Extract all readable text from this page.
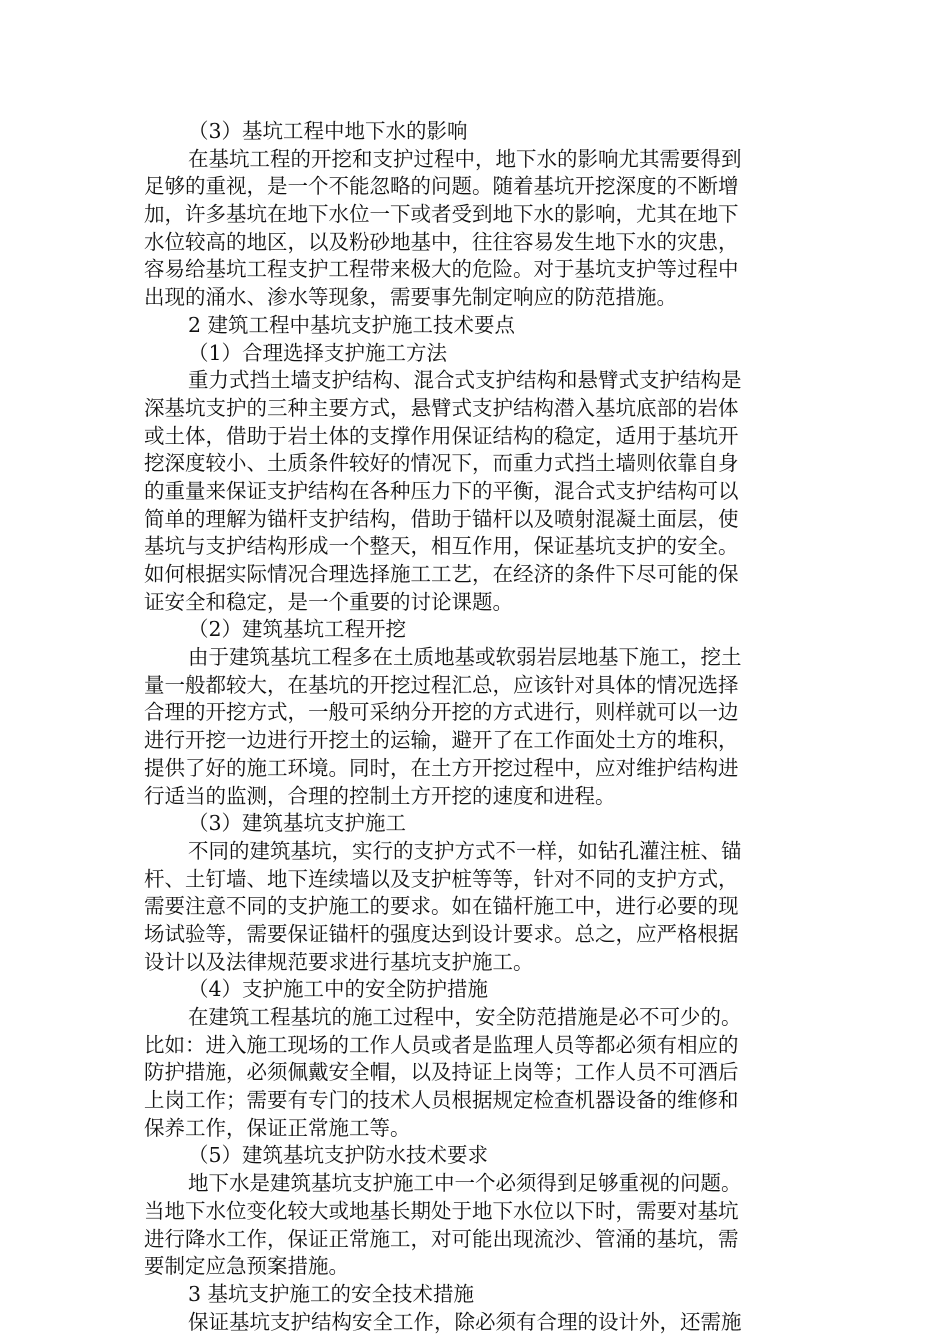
（3）基坑工程中地下水的影响
在基坑工程的开挖和支护过程中，地下水的影响尤其需要得到
足够的重视，是一个不能忽略的问题。随着基坑开挖深度的不断增
加，许多基坑在地下水位一下或者受到地下水的影响，尤其在地下
水位较高的地区，以及粉砂地基中，往往容易发生地下水的灾患，
容易给基坑工程支护工程带来极大的危险。对于基坑支护等过程中
出现的涌水、渗水等现象，需要事先制定响应的防范措施。
2 建筑工程中基坑支护施工技术要点
（1）合理选择支护施工方法
重力式挡土墙支护结构、混合式支护结构和悬臂式支护结构是
深基坑支护的三种主要方式，悬臂式支护结构潜入基坑底部的岩体
或土体，借助于岩土体的支撑作用保证结构的稳定，适用于基坑开
挖深度较小、土质条件较好的情况下，而重力式挡土墙则依靠自身
的重量来保证支护结构在各种压力下的平衡，混合式支护结构可以
简单的理解为锚杆支护结构，借助于锚杆以及喷射混凝土面层，使
基坑与支护结构形成一个整天，相互作用，保证基坑支护的安全。
如何根据实际情况合理选择施工工艺，在经济的条件下尽可能的保
证安全和稳定，是一个重要的讨论课题。
（2）建筑基坑工程开挖
由于建筑基坑工程多在土质地基或软弱岩层地基下施工，挖土
量一般都较大，在基坑的开挖过程汇总，应该针对具体的情况选择
合理的开挖方式，一般可采纳分开挖的方式进行，则样就可以一边
进行开挖一边进行开挖土的运输，避开了在工作面处土方的堆积，
提供了好的施工环境。同时，在土方开挖过程中，应对维护结构进
行适当的监测，合理的控制土方开挖的速度和进程。
（3）建筑基坑支护施工
不同的建筑基坑，实行的支护方式不一样，如钻孔灌注桩、锚
杆、土钉墙、地下连续墙以及支护桩等等，针对不同的支护方式，
需要注意不同的支护施工的要求。如在锚杆施工中，进行必要的现
场试验等，需要保证锚杆的强度达到设计要求。总之，应严格根据
设计以及法律规范要求进行基坑支护施工。
（4）支护施工中的安全防护措施
在建筑工程基坑的施工过程中，安全防范措施是必不可少的。
比如：进入施工现场的工作人员或者是监理人员等都必须有相应的
防护措施，必须佩戴安全帽，以及持证上岗等；工作人员不可酒后
上岗工作；需要有专门的技术人员根据规定检查机器设备的维修和
保养工作，保证正常施工等。
（5）建筑基坑支护防水技术要求
地下水是建筑基坑支护施工中一个必须得到足够重视的问题。
当地下水位变化较大或地基长期处于地下水位以下时，需要对基坑
进行降水工作，保证正常施工，对可能出现流沙、管涌的基坑，需
要制定应急预案措施。
3 基坑支护施工的安全技术措施
保证基坑支护结构安全工作，除必须有合理的设计外，还需施
